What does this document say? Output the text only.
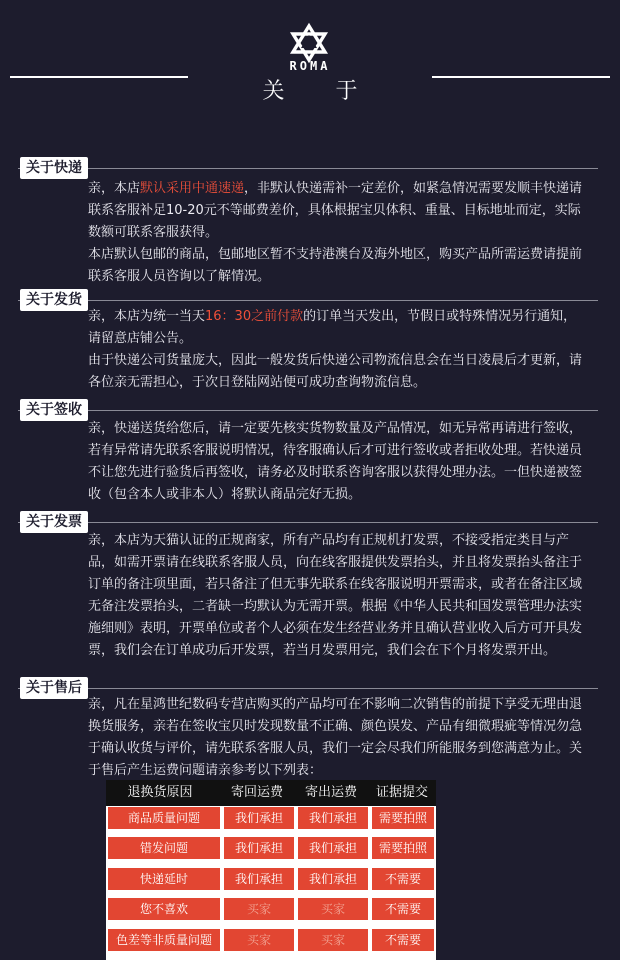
ROMA
关 于
关于快递

亲，本店默认采用中通速递，非默认快递需补一定差价，如紧急情况需要发顺丰快递请联系客服补足10-20元不等邮费差价，具体根据宝贝体积、重量、目标地址而定，实际数额可联系客服获得。

本店默认包邮的商品，包邮地区暂不支持港澳台及海外地区，购买产品所需运费请提前联系客服人员咨询以了解情况。

关于发货

亲，本店为统一当天16：30之前付款的订单当天发出，节假日或特殊情况另行通知，请留意店铺公告。

由于快递公司货量庞大，因此一般发货后快递公司物流信息会在当日凌晨后才更新，请各位亲无需担心，于次日登陆网站便可成功查询物流信息。

关于签收

亲，快递送货给您后，请一定要先核实货物数量及产品情况，如无异常再请进行签收，若有异常请先联系客服说明情况，待客服确认后才可进行签收或者拒收处理。若快递员不让您先进行验货后再签收，请务必及时联系咨询客服以获得处理办法。一但快递被签收（包含本人或非本人）将默认商品完好无损。

关于发票

亲，本店为天猫认证的正规商家，所有产品均有正规机打发票，不接受指定类目与产品，如需开票请在线联系客服人员，向在线客服提供发票抬头，并且将发票抬头备注于订单的备注项里面，若只备注了但无事先联系在线客服说明开票需求，或者在备注区域无备注发票抬头，二者缺一均默认为无需开票。根据《中华人民共和国发票管理办法实施细则》表明，开票单位或者个人必须在发生经营业务并且确认营业收入后方可开具发票，我们会在订单成功后开发票，若当月发票用完，我们会在下个月将发票开出。

关于售后

亲，凡在星鸿世纪数码专营店购买的产品均可在不影响二次销售的前提下享受无理由退换货服务，亲若在签收宝贝时发现数量不正确、颜色误发、产品有细微瑕疵等情况勿急于确认收货与评价，请先联系客服人员，我们一定会尽我们所能服务到您满意为止。关于售后产生运费问题请亲参考以下列表：

退换货原因	寄回运费	寄出运费	证据提交
商品质量问题	我们承担	我们承担	需要拍照
错发问题	我们承担	我们承担	需要拍照
快递延时	我们承担	我们承担	不需要
您不喜欢	买家	买家	不需要
色差等非质量问题	买家	买家	不需要
